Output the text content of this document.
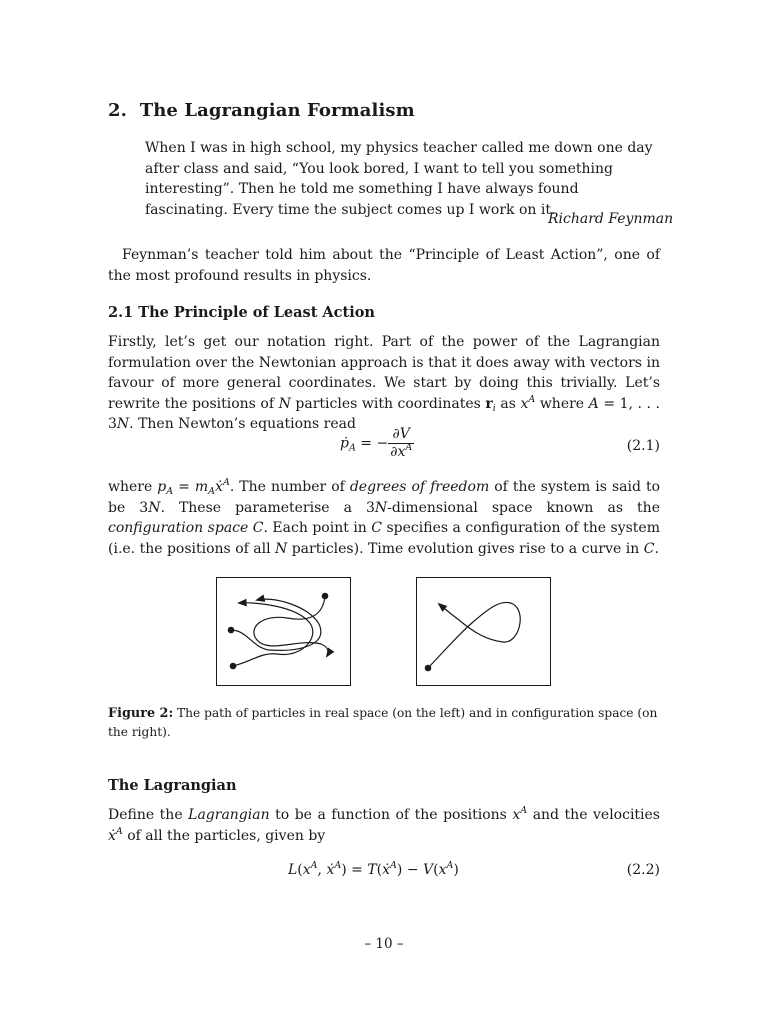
2. The Lagrangian Formalism
When I was in high school, my physics teacher called me down one day after class and said, “You look bored, I want to tell you something interesting”. Then he told me something I have always found fascinating. Every time the subject comes up I work on it.
Richard Feynman
Feynman’s teacher told him about the “Principle of Least Action”, one of the most profound results in physics.
2.1 The Principle of Least Action
Firstly, let’s get our notation right. Part of the power of the Lagrangian formulation over the Newtonian approach is that it does away with vectors in favour of more general coordinates. We start by doing this trivially. Let’s rewrite the positions of N particles with coordinates $r_i$ as $x^A$ where A = 1, . . . 3N. Then Newton’s equations read
ṗ$_A$ = − $\frac{\partial V}{\partial x^A}$	(2.1)
where $p_A$ = $m_Aẋ^A$. The number of degrees of freedom of the system is said to be 3N. These parameterise a 3N-dimensional space known as the configuration space C. Each point in C specifies a configuration of the system (i.e. the positions of all N particles). Time evolution gives rise to a curve in C.
Figure 2: The path of particles in real space (on the left) and in configuration space (on the right).
The Lagrangian
Define the Lagrangian to be a function of the positions $x^A$ and the velocities ẋ$^A$ of all the particles, given by
$L(x^A$, ẋ$^A$) = T(ẋ$^A$) − $V(x^A)$	(2.2)
– 10 –
